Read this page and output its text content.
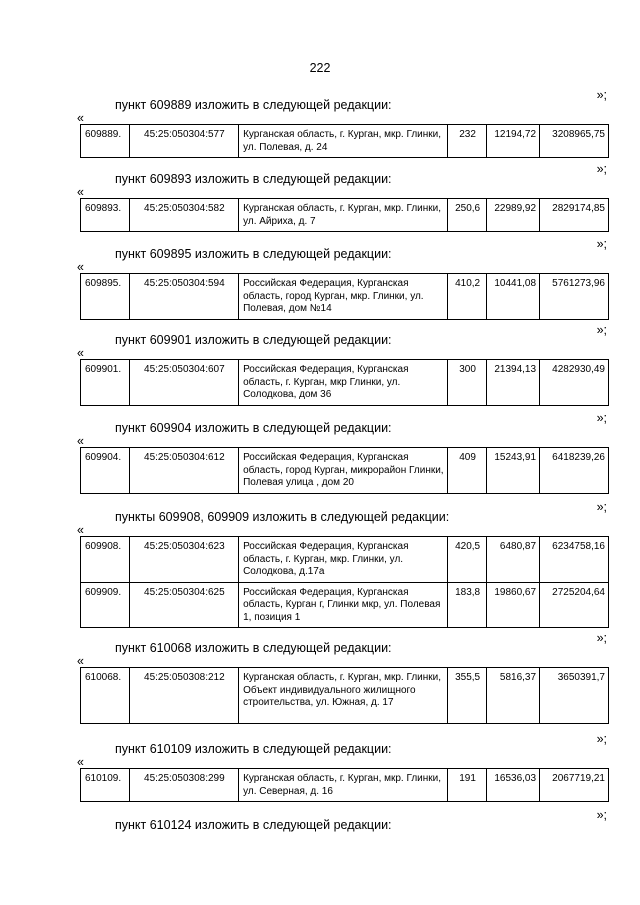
222
»;
пункт 609889 изложить в следующей редакции:
«
609889.	45:25:050304:577	Курганская область, г. Курган, мкр. Глинки, ул. Полевая, д. 24	232	12194,72	3208965,75
»;
пункт 609893 изложить в следующей редакции:
«
609893.	45:25:050304:582	Курганская область, г. Курган, мкр. Глинки, ул. Айриха, д. 7	250,6	22989,92	2829174,85
»;
пункт 609895 изложить в следующей редакции:
«
609895.	45:25:050304:594	Российская Федерация, Курганская область, город Курган, мкр. Глинки, ул. Полевая, дом №14	410,2	10441,08	5761273,96
»;
пункт 609901 изложить в следующей редакции:
«
609901.	45:25:050304:607	Российская Федерация, Курганская область, г. Курган, мкр Глинки, ул. Солодкова, дом 36	300	21394,13	4282930,49
»;
пункт 609904 изложить в следующей редакции:
«
609904.	45:25:050304:612	Российская Федерация, Курганская область, город Курган, микрорайон Глинки, Полевая улица , дом 20	409	15243,91	6418239,26
»;
пункты 609908, 609909 изложить в следующей редакции:
«
609908.	45:25:050304:623	Российская Федерация, Курганская область, г. Курган, мкр. Глинки, ул. Солодкова, д.17а	420,5	6480,87	6234758,16
609909.	45:25:050304:625	Российская Федерация, Курганская область, Курган г, Глинки мкр, ул. Полевая 1, позиция 1	183,8	19860,67	2725204,64
»;
пункт 610068 изложить в следующей редакции:
«
610068.	45:25:050308:212	Курганская область, г. Курган, мкр. Глинки, Объект индивидуального жилищного строительства, ул. Южная, д. 17	355,5	5816,37	3650391,7
»;
пункт 610109 изложить в следующей редакции:
«
610109.	45:25:050308:299	Курганская область, г. Курган, мкр. Глинки, ул. Северная, д. 16	191	16536,03	2067719,21
»;
пункт 610124 изложить в следующей редакции:
